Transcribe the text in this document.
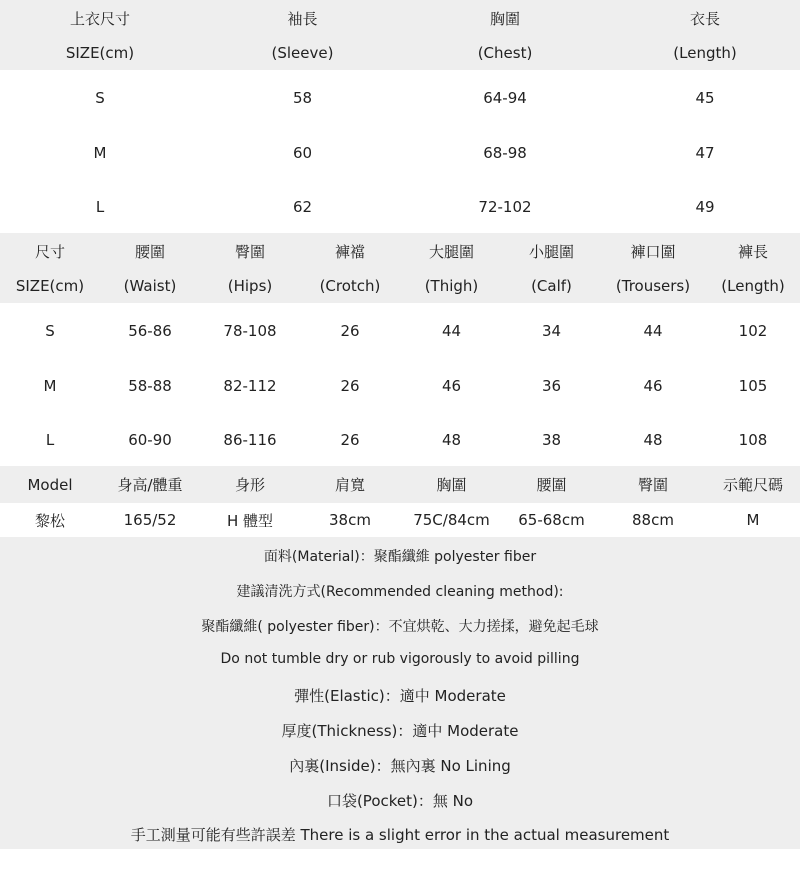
上衣尺寸	袖長	胸圍	衣長
SIZE(cm)	(Sleeve)	(Chest)	(Length)
S	58	64-94	45
M	60	68-98	47
L	62	72-102	49
尺寸	腰圍	臀圍	褲襠	大腿圍	小腿圍	褲口圍	褲長
SIZE(cm)	(Waist)	(Hips)	(Crotch)	(Thigh)	(Calf)	(Trousers)	(Length)
S	56-86	78-108	26	44	34	44	102
M	58-88	82-112	26	46	36	46	105
L	60-90	86-116	26	48	38	48	108
Model	身高/體重	身形	肩寬	胸圍	腰圍	臀圍	示範尺碼
黎松	165/52	H 體型	38cm	75C/84cm	65-68cm	88cm	M
面料(Material)：聚酯纖維 polyester fiber
建議清洗方式(Recommended cleaning method):
聚酯纖維( polyester fiber)：不宜烘乾、大力搓揉，避免起毛球
Do not tumble dry or rub vigorously to avoid pilling
彈性(Elastic)：適中 Moderate
厚度(Thickness)：適中 Moderate
內裏(Inside)：無內裏 No Lining
口袋(Pocket)：無 No
手工測量可能有些許誤差 There is a slight error in the actual measurement
